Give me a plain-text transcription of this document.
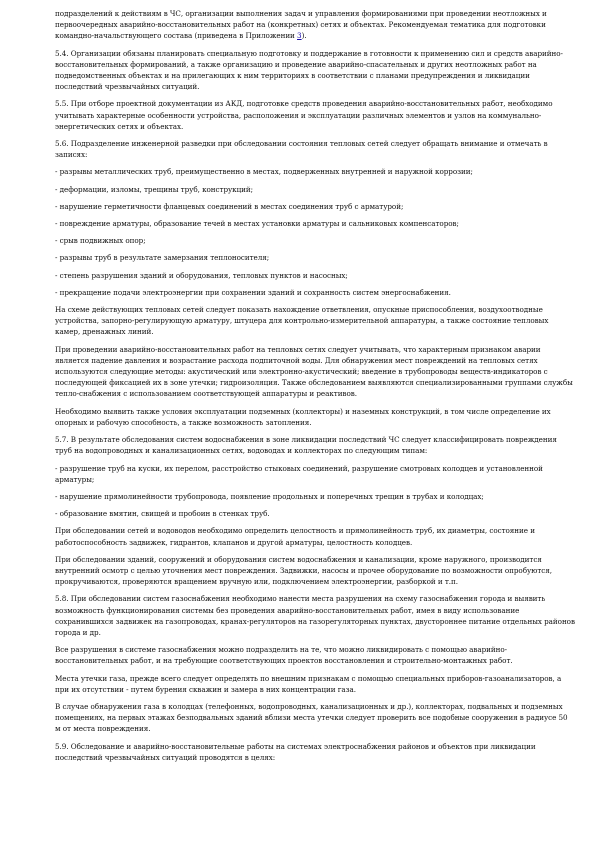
подразделений к действиям в ЧС, организации выполнения задач и управления формированиями при проведении неотложных и первоочередных аварийно-восстановительных работ на (конкретных) сетях и объектах. Рекомендуемая тематика для подготовки командно-начальствующего состава (приведена в Приложении 3).

5.4. Организации обязаны планировать специальную подготовку и поддержание в готовности к применению сил и средств аварийно-восстановительных формирований, а также организацию и проведение аварийно-спасательных и других неотложных работ на подведомственных объектах и на прилегающих к ним территориях в соответствии с планами предупреждения и ликвидации последствий чрезвычайных ситуаций.

5.5. При отборе проектной документации из АКД, подготовке средств проведения аварийно-восстановительных работ, необходимо учитывать характерные особенности устройства, расположения и эксплуатации различных элементов и узлов на коммунально-энергетических сетях и объектах.

5.6. Подразделение инженерной разведки при обследовании состояния тепловых сетей следует обращать внимание и отмечать в записях:

- разрывы металлических труб, преимущественно в местах, подверженных внутренней и наружной коррозии;

- деформации, изломы, трещины труб, конструкций;

- нарушение герметичности фланцевых соединений в местах соединения труб с арматурой;

- повреждение арматуры, образование течей в местах установки арматуры и сальниковых компенсаторов;

- срыв подвижных опор;

- разрывы труб в результате замерзания теплоносителя;

- степень разрушения зданий и оборудования, тепловых пунктов и насосных;

- прекращение подачи электроэнергии при сохранении зданий и сохранность систем энергоснабжения.

На схеме действующих тепловых сетей следует показать нахождение ответвления, опускные приспособления, воздухоотводные устройства, запорно-регулирующую арматуру, штуцера для контрольно-измерительной аппаратуры, а также состояние тепловых камер, дренажных линий.

При проведении аварийно-восстановительных работ на тепловых сетях следует учитывать, что характерным признаком аварии является падение давления и возрастание расхода подпиточной воды. Для обнаружения мест повреждений на тепловых сетях используются следующие методы: акустический или электронно-акустический; введение в трубопроводы веществ-индикаторов с последующей фиксацией их в зоне утечки; гидроизоляция. Также обследованием выявляются специализированными группами службы тепло-снабжения с использованием соответствующей аппаратуры и реактивов.

Необходимо выявить также условия эксплуатации подземных (коллекторы) и наземных конструкций, в том числе определение их опорных и рабочую способность, а также возможность затопления.

5.7. В результате обследования систем водоснабжения в зоне ликвидации последствий ЧС следует классифицировать повреждения труб на водопроводных и канализационных сетях, водоводах и коллекторах по следующим типам:

- разрушение труб на куски, их перелом, расстройство стыковых соединений, разрушение смотровых колодцев и установленной арматуры;

- нарушение прямолинейности трубопровода, появление продольных и поперечных трещин в трубах и колодцах;

- образование вмятин, свищей и пробоин в стенках труб.

При обследовании сетей и водоводов необходимо определить целостность и прямолинейность труб, их диаметры, состояние и работоспособность задвижек, гидрантов, клапанов и другой арматуры, целостность колодцев.

При обследовании зданий, сооружений и оборудования систем водоснабжения и канализации, кроме наружного, производится внутренний осмотр с целью уточнения мест повреждения. Задвижки, насосы и прочее оборудование по возможности опробуются, прокручиваются, проверяются вращением вручную или, подключением электроэнергии, разборкой и т.п.

5.8. При обследовании систем газоснабжения необходимо нанести места разрушения на схему газоснабжения города и выявить возможность функционирования системы без проведения аварийно-восстановительных работ, имея в виду использование сохранившихся задвижек на газопроводах, кранах-регуляторов на газорегуляторных пунктах, двустороннее питание отдельных районов города и др.

Все разрушения в системе газоснабжения можно подразделить на те, что можно ликвидировать с помощью аварийно-восстановительных работ, и на требующие соответствующих проектов восстановления и строительно-монтажных работ.

Места утечки газа, прежде всего следует определять по внешним признакам с помощью специальных приборов-газоанализаторов, а при их отсутствии - путем бурения скважин и замера в них концентрации газа.

В случае обнаружения газа в колодцах (телефонных, водопроводных, канализационных и др.), коллекторах, подвальных и подземных помещениях, на первых этажах безподвальных зданий вблизи места утечки следует проверить все подобные сооружения в радиусе 50 м от места повреждения.

5.9. Обследование и аварийно-восстановительные работы на системах электроснабжения районов и объектов при ликвидации последствий чрезвычайных ситуаций проводятся в целях:
